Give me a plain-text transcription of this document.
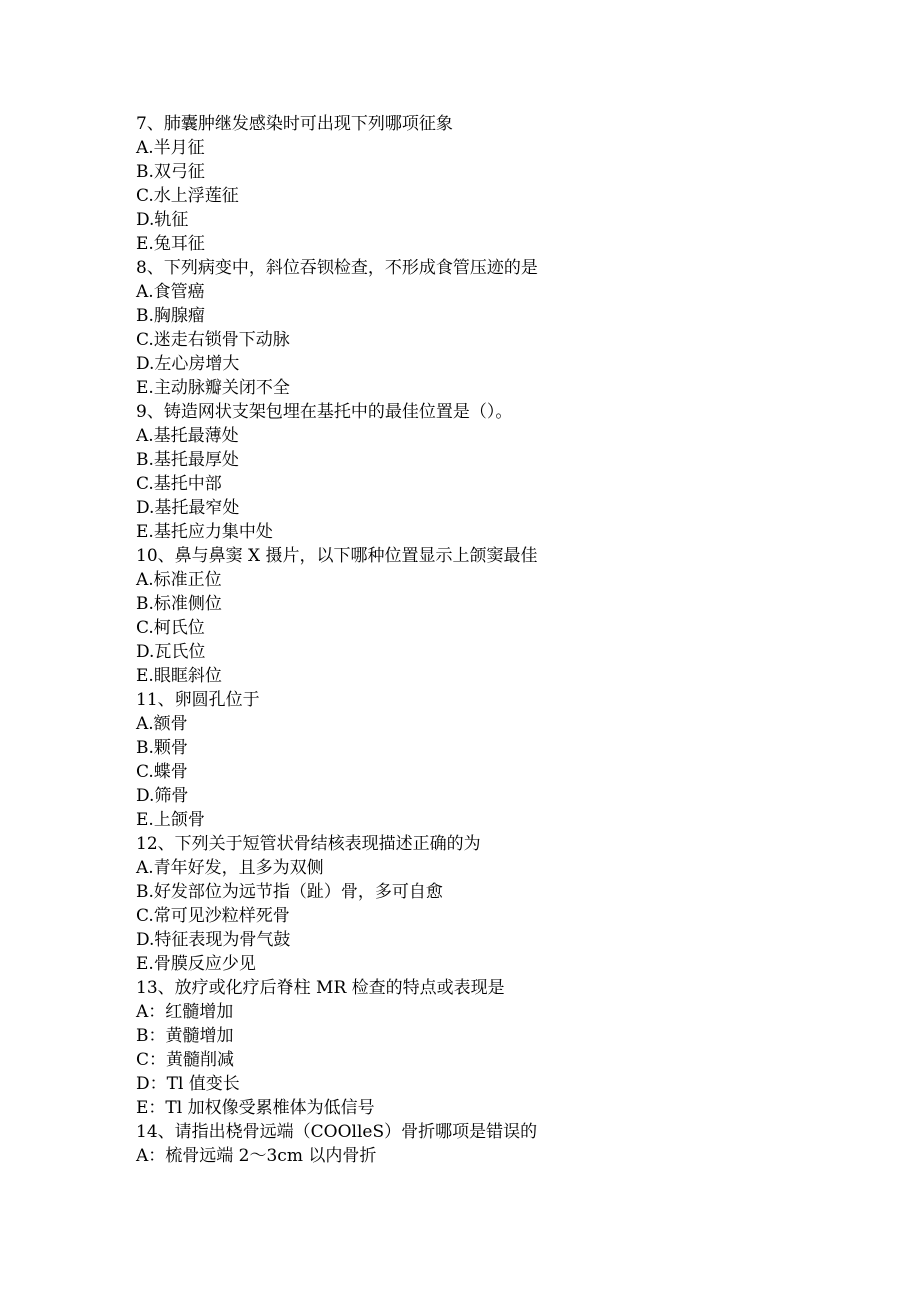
7、肺囊肿继发感染时可出现下列哪项征象
A.半月征
B.双弓征
C.水上浮莲征
D.轨征
E.兔耳征
8、下列病变中，斜位吞钡检查，不形成食管压迹的是
A.食管癌
B.胸腺瘤
C.迷走右锁骨下动脉
D.左心房增大
E.主动脉瓣关闭不全
9、铸造网状支架包埋在基托中的最佳位置是（）。
A.基托最薄处
B.基托最厚处
C.基托中部
D.基托最窄处
E.基托应力集中处
10、鼻与鼻窦 X 摄片，以下哪种位置显示上颌窦最佳
A.标准正位
B.标准侧位
C.柯氏位
D.瓦氏位
E.眼眶斜位
11、卵圆孔位于
A.额骨
B.颗骨
C.蝶骨
D.筛骨
E.上颌骨
12、下列关于短管状骨结核表现描述正确的为
A.青年好发，且多为双侧
B.好发部位为远节指（趾）骨，多可自愈
C.常可见沙粒样死骨
D.特征表现为骨气鼓
E.骨膜反应少见
13、放疗或化疗后脊柱 MR 检查的特点或表现是
A：红髓增加
B：黄髓增加
C：黄髓削减
D：Tl 值变长
E：Tl 加权像受累椎体为低信号
14、请指出桡骨远端（COOlleS）骨折哪项是错误的
A：梳骨远端 2～3cm 以内骨折
